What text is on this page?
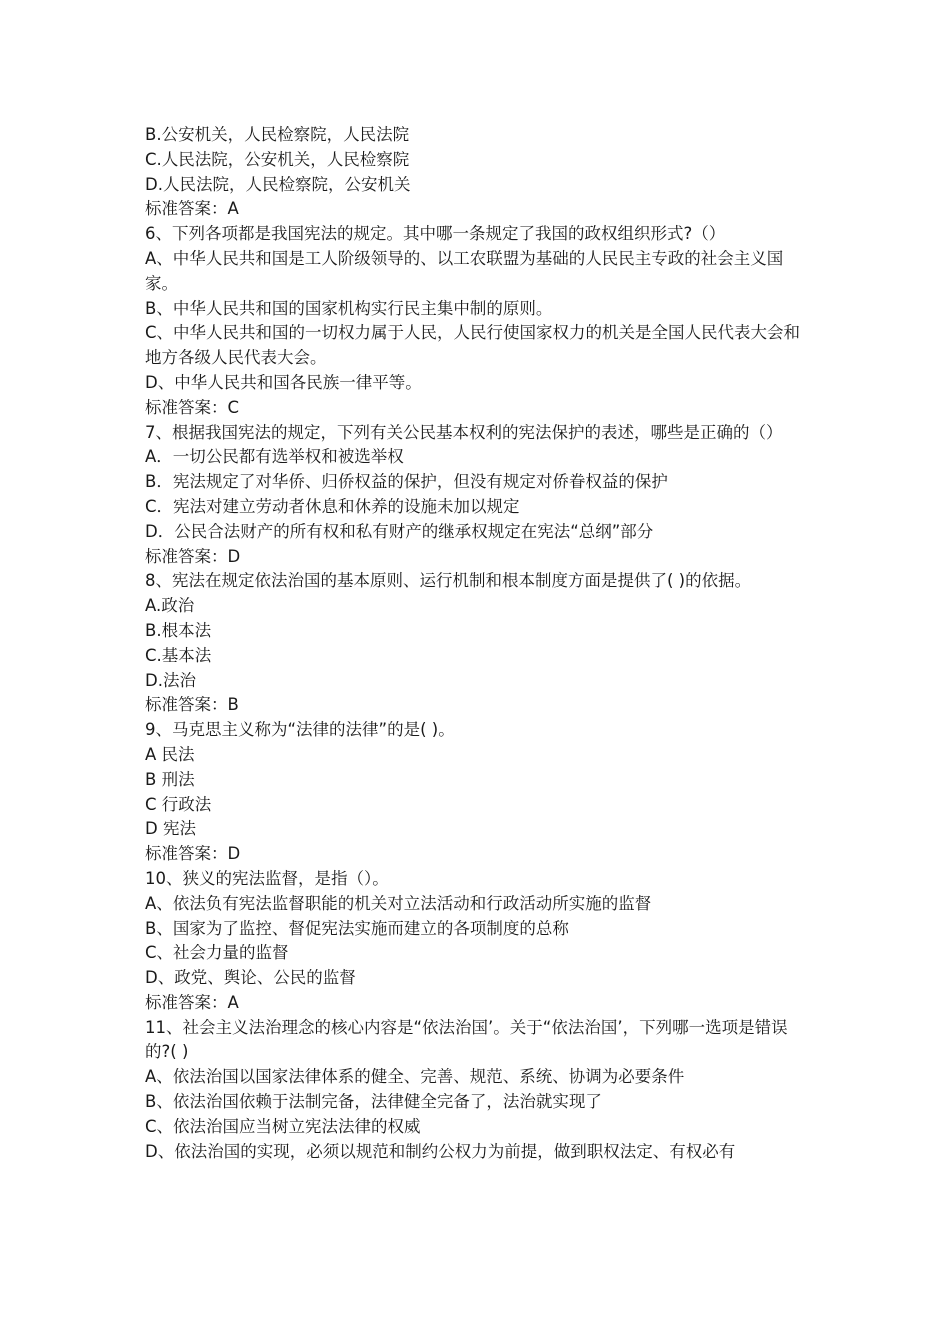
B.公安机关，人民检察院，人民法院

C.人民法院，公安机关，人民检察院

D.人民法院，人民检察院，公安机关

标准答案：A

6、下列各项都是我国宪法的规定。其中哪一条规定了我国的政权组织形式?（）

A、中华人民共和国是工人阶级领导的、以工农联盟为基础的人民民主专政的社会主义国家。

B、中华人民共和国的国家机构实行民主集中制的原则。

C、中华人民共和国的一切权力属于人民，人民行使国家权力的机关是全国人民代表大会和地方各级人民代表大会。

D、中华人民共和国各民族一律平等。

标准答案：C

7、根据我国宪法的规定，下列有关公民基本权利的宪法保护的表述，哪些是正确的（）

A．一切公民都有选举权和被选举权

B．宪法规定了对华侨、归侨权益的保护，但没有规定对侨眷权益的保护

C．宪法对建立劳动者休息和休养的设施未加以规定

D．公民合法财产的所有权和私有财产的继承权规定在宪法“总纲”部分

标准答案：D

8、宪法在规定依法治国的基本原则、运行机制和根本制度方面是提供了( )的依据。

A.政治

B.根本法

C.基本法

D.法治

标准答案：B

9、马克思主义称为“法律的法律”的是( )。

A 民法

B 刑法

C 行政法

D 宪法

标准答案：D

10、狭义的宪法监督，是指（）。

A、依法负有宪法监督职能的机关对立法活动和行政活动所实施的监督

B、国家为了监控、督促宪法实施而建立的各项制度的总称

C、社会力量的监督

D、政党、舆论、公民的监督

标准答案：A

11、社会主义法治理念的核心内容是“依法治国’。关于“依法治国’，下列哪一选项是错误的?( )

A、依法治国以国家法律体系的健全、完善、规范、系统、协调为必要条件

B、依法治国依赖于法制完备，法律健全完备了，法治就实现了

C、依法治国应当树立宪法法律的权威

D、依法治国的实现，必须以规范和制约公权力为前提，做到职权法定、有权必有
